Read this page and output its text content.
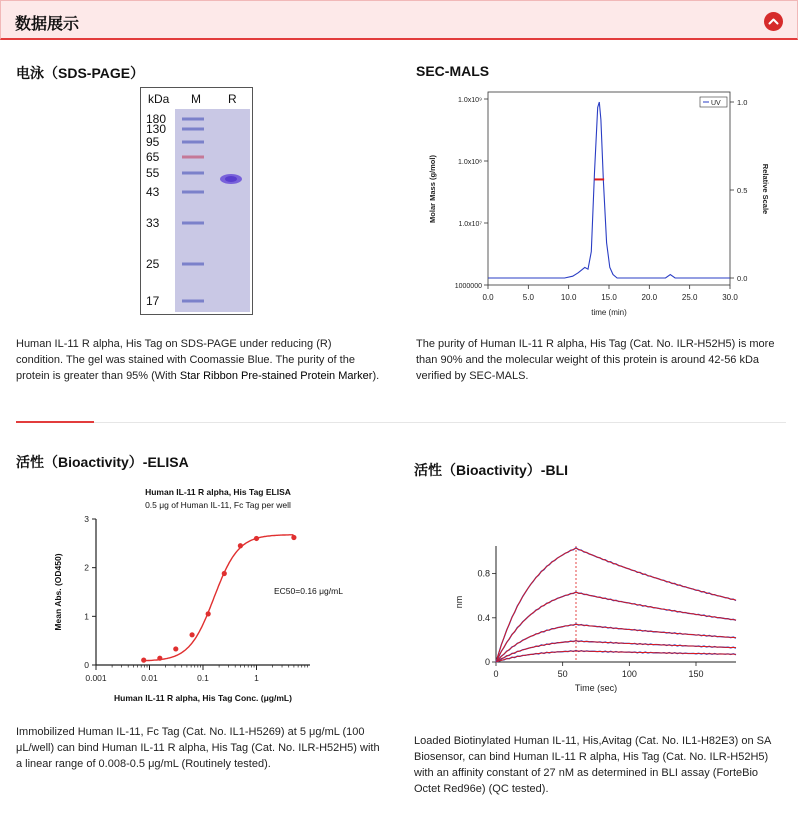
数据展示
电泳（SDS-PAGE）
kDa M R
180
130
95
65
55
43
33
25
17
Human IL-11 R alpha, His Tag on SDS-PAGE under reducing (R) condition. The gel was stained with Coomassie Blue. The purity of the protein is greater than 95% (With Star Ribbon Pre-stained Protein Marker).
SEC-MALS
0.0	5.0	10.0	15.0	20.0	25.0	30.0
time (min)
1000000
1.0x10⁷
1.0x10⁸
1.0x10⁹
Molar Mass (g/mol)
0.0
0.5
1.0
Relative Scale
UV
The purity of Human IL-11 R alpha, His Tag (Cat. No. ILR-H52H5) is more than 90% and the molecular weight of this protein is around 42-56 kDa verified by SEC-MALS.
活性（Bioactivity）-ELISA
Human IL-11 R alpha, His Tag ELISA
0.5 μg of Human IL-11, Fc Tag per well
0
1
2
3
0.001	0.01	0.1	1
Human IL-11 R alpha, His Tag Conc. (μg/mL)
Mean Abs. (OD450)	EC50=0.16 μg/mL
Immobilized Human IL-11, Fc Tag (Cat. No. IL1-H5269) at 5 μg/mL (100 μL/well) can bind Human IL-11 R alpha, His Tag (Cat. No. ILR-H52H5) with a linear range of 0.008-0.5 μg/mL (Routinely tested).
活性（Bioactivity）-BLI
0
0.4
0.8
0	50	100	150
Time (sec)
nm
Loaded Biotinylated Human IL-11, His,Avitag (Cat. No. IL1-H82E3) on SA Biosensor, can bind Human IL-11 R alpha, His Tag (Cat. No. ILR-H52H5) with an affinity constant of 27 nM as determined in BLI assay (ForteBio Octet Red96e) (QC tested).
